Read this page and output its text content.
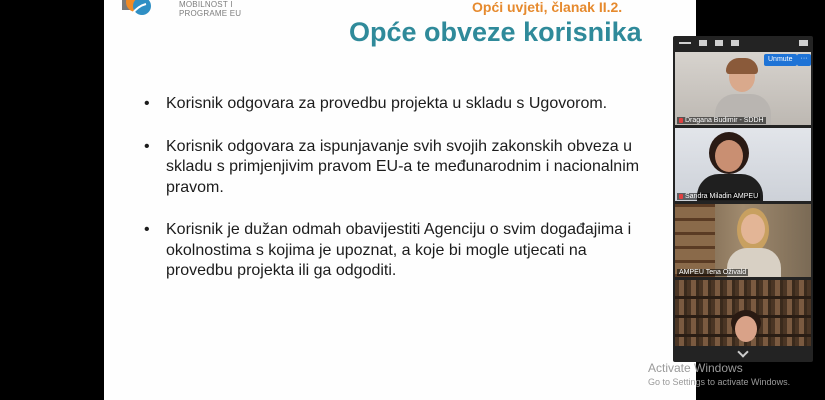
MOBILNOST I
PROGRAME EU	Opći uvjeti, članak II.2.
Opće obveze korisnika
• Korisnik odgovara za provedbu projekta u skladu s Ugovorom.
• Korisnik odgovara za ispunjavanje svih svojih zakonskih obveza u
skladu s primjenjivim pravom EU-a te međunarodnim i nacionalnim
pravom.
• Korisnik je dužan odmah obavijestiti Agenciju o svim događajima i
okolnostima s kojima je upoznat, a koje bi mogle utjecati na
provedbu projekta ili ga odgoditi.
Unmute	···
Dragana Budimir - SDDH
Sandra Miladin AMPEU
AMPEU Tena Oživald
Activate Windows
Go to Settings to activate Windows.
